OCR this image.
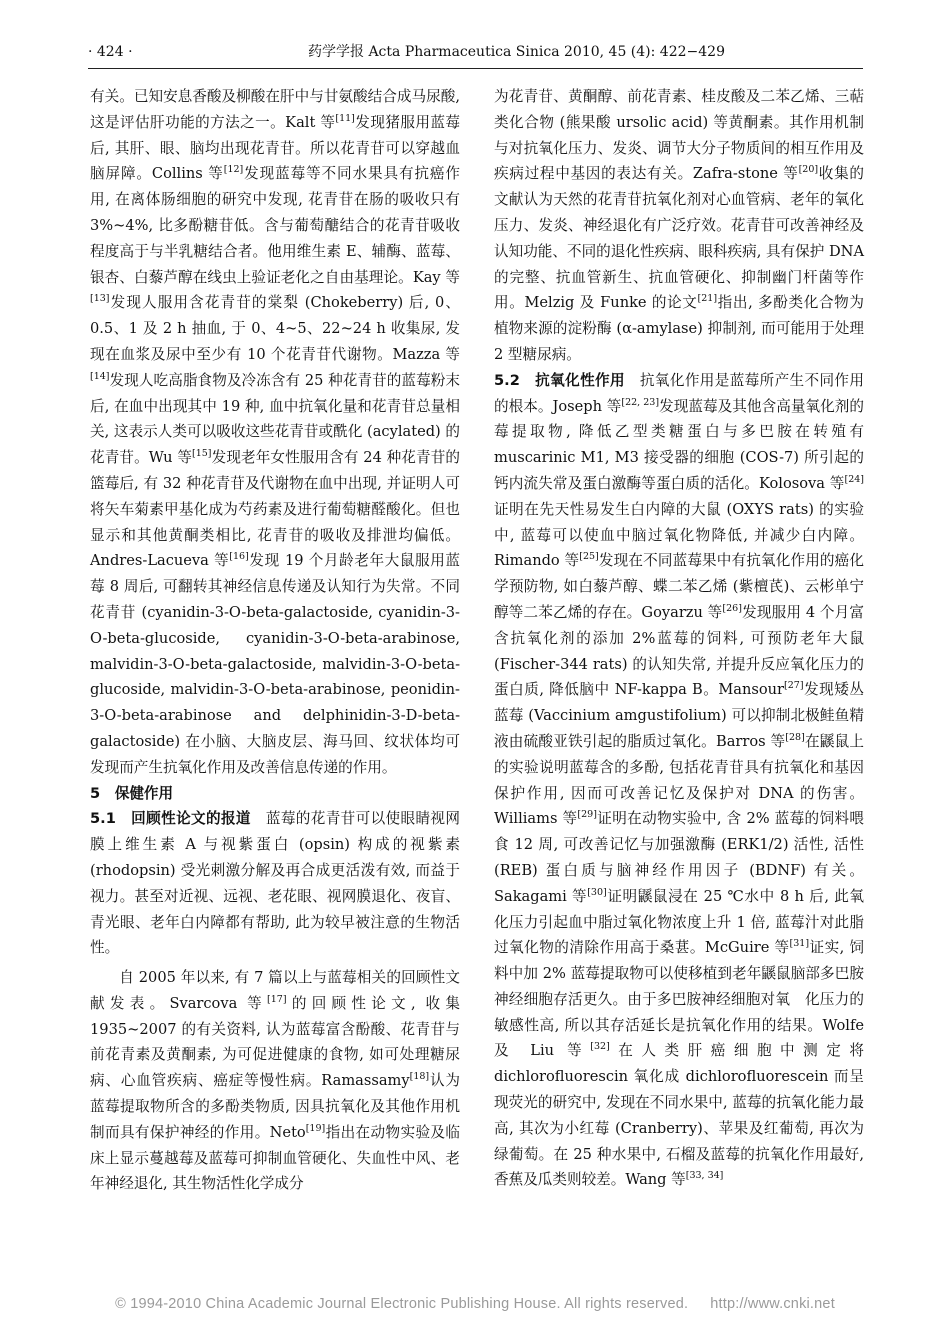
· 424 ·	药学学报 Acta Pharmaceutica Sinica 2010, 45 (4): 422−429

有关。已知安息香酸及柳酸在肝中与甘氨酸结合成马尿酸, 这是评估肝功能的方法之一。Kalt 等[11]发现猪服用蓝莓后, 其肝、眼、脑均出现花青苷。所以花青苷可以穿越血脑屏障。Collins 等[12]发现蓝莓等不同水果具有抗癌作用, 在离体肠细胞的研究中发现, 花青苷在肠的吸收只有 3%~4%, 比多酚糖苷低。含与葡萄醣结合的花青苷吸收程度高于与半乳糖结合者。他用维生素 E、辅酶、蓝莓、银杏、白藜芦醇在线虫上验证老化之自由基理论。Kay 等[13]发现人服用含花青苷的棠梨 (Chokeberry) 后, 0、0.5、1 及 2 h 抽血, 于 0、4~5、22~24 h 收集尿, 发现在血浆及尿中至少有 10 个花青苷代谢物。Mazza 等[14]发现人吃高脂食物及冷冻含有 25 种花青苷的蓝莓粉末后, 在血中出现其中 19 种, 血中抗氧化量和花青苷总量相关, 这表示人类可以吸收这些花青苷或酰化 (acylated) 的花青苷。Wu 等[15]发现老年女性服用含有 24 种花青苷的篮莓后, 有 32 种花青苷及代谢物在血中出现, 并证明人可将矢车菊素甲基化成为芍药素及进行葡萄糖醛酸化。但也显示和其他黄酮类相比, 花青苷的吸收及排泄均偏低。Andres-Lacueva 等[16]发现 19 个月龄老年大鼠服用蓝莓 8 周后, 可翻转其神经信息传递及认知行为失常。不同花青苷 (cyanidin-3-O-beta-galactoside, cyanidin-3-O-beta-glucoside, cyanidin-3-O-beta-arabinose, malvidin-3-O-beta-galactoside, malvidin-3-O-beta-glucoside, malvidin-3-O-beta-arabinose, peonidin-3-O-beta-arabinose and delphinidin-3-D-beta-galactoside) 在小脑、大脑皮层、海马回、纹状体均可发现而产生抗氧化作用及改善信息传递的作用。

5　保健作用

5.1　回顾性论文的报道　蓝莓的花青苷可以使眼睛视网膜上维生素 A 与视紫蛋白 (opsin) 构成的视紫素 (rhodopsin) 受光刺激分解及再合成更活泼有效, 而益于视力。甚至对近视、远视、老花眼、视网膜退化、夜盲、青光眼、老年白内障都有帮助, 此为较早被注意的生物活性。

自 2005 年以来, 有 7 篇以上与蓝莓相关的回顾性文献发表。Svarcova 等[17]的回顾性论文, 收集 1935~2007 的有关资料, 认为蓝莓富含酚酸、花青苷与前花青素及黄酮素, 为可促进健康的食物, 如可处理糖尿病、心血管疾病、癌症等慢性病。Ramassamy[18]认为蓝莓提取物所含的多酚类物质, 因具抗氧化及其他作用机制而具有保护神经的作用。Neto[19]指出在动物实验及临床上显示蔓越莓及蓝莓可抑制血管硬化、失血性中风、老年神经退化, 其生物活性化学成分

为花青苷、黄酮醇、前花青素、桂皮酸及二苯乙烯、三萜类化合物 (熊果酸 ursolic acid) 等黄酮素。其作用机制与对抗氧化压力、发炎、调节大分子物质间的相互作用及疾病过程中基因的表达有关。Zafra-stone 等[20]收集的文献认为天然的花青苷抗氧化剂对心血管病、老年的氧化压力、发炎、神经退化有广泛疗效。花青苷可改善神经及认知功能、不同的退化性疾病、眼科疾病, 具有保护 DNA 的完整、抗血管新生、抗血管硬化、抑制幽门杆菌等作用。Melzig 及 Funke 的论文[21]指出, 多酚类化合物为植物来源的淀粉酶 (α-amylase) 抑制剂, 而可能用于处理 2 型糖尿病。

5.2　抗氧化性作用　抗氧化作用是蓝莓所产生不同作用的根本。Joseph 等[22, 23]发现蓝莓及其他含高量氧化剂的莓提取物, 降低乙型类糖蛋白与多巴胺在转殖有 muscarinic M1, M3 接受器的细胞 (COS-7) 所引起的钙内流失常及蛋白激酶等蛋白质的活化。Kolosova 等[24]证明在先天性易发生白内障的大鼠 (OXYS rats) 的实验中, 蓝莓可以使血中脑过氧化物降低, 并减少白内障。Rimando 等[25]发现在不同蓝莓果中有抗氧化作用的癌化学预防物, 如白藜芦醇、蝶二苯乙烯 (紫檀芪)、云彬单宁醇等二苯乙烯的存在。Goyarzu 等[26]发现服用 4 个月富含抗氧化剂的添加 2%蓝莓的饲料, 可预防老年大鼠 (Fischer-344 rats) 的认知失常, 并提升反应氧化压力的蛋白质, 降低脑中 NF-kappa B。Mansour[27]发现矮丛蓝莓 (Vaccinium amgustifolium) 可以抑制北极鲑鱼精液由硫酸亚铁引起的脂质过氧化。Barros 等[28]在鼷鼠上的实验说明蓝莓含的多酚, 包括花青苷具有抗氧化和基因保护作用, 因而可改善记忆及保护对 DNA 的伤害。Williams 等[29]证明在动物实验中, 含 2% 蓝莓的饲料喂食 12 周, 可改善记忆与加强激酶 (ERK1/2) 活性, 活性 (REB) 蛋白质与脑神经作用因子 (BDNF) 有关。Sakagami 等[30]证明鼷鼠浸在 25 ℃水中 8 h 后, 此氧化压力引起血中脂过氧化物浓度上升 1 倍, 蓝莓汁对此脂过氧化物的清除作用高于桑葚。McGuire 等[31]证实, 饲料中加 2% 蓝莓提取物可以使移植到老年鼷鼠脑部多巴胺神经细胞存活更久。由于多巴胺神经细胞对氧　化压力的敏感性高, 所以其存活延长是抗氧化作用的结果。Wolfe 及 Liu 等[32]在人类肝癌细胞中测定将 dichlorofluorescin 氧化成 dichlorofluorescein 而呈现荧光的研究中, 发现在不同水果中, 蓝莓的抗氧化能力最高, 其次为小红莓 (Cranberry)、苹果及红葡萄, 再次为绿葡萄。在 25 种水果中, 石榴及蓝莓的抗氧化作用最好, 香蕉及瓜类则较差。Wang 等[33, 34]

© 1994-2010 China Academic Journal Electronic Publishing House. All rights reserved. http://www.cnki.net
